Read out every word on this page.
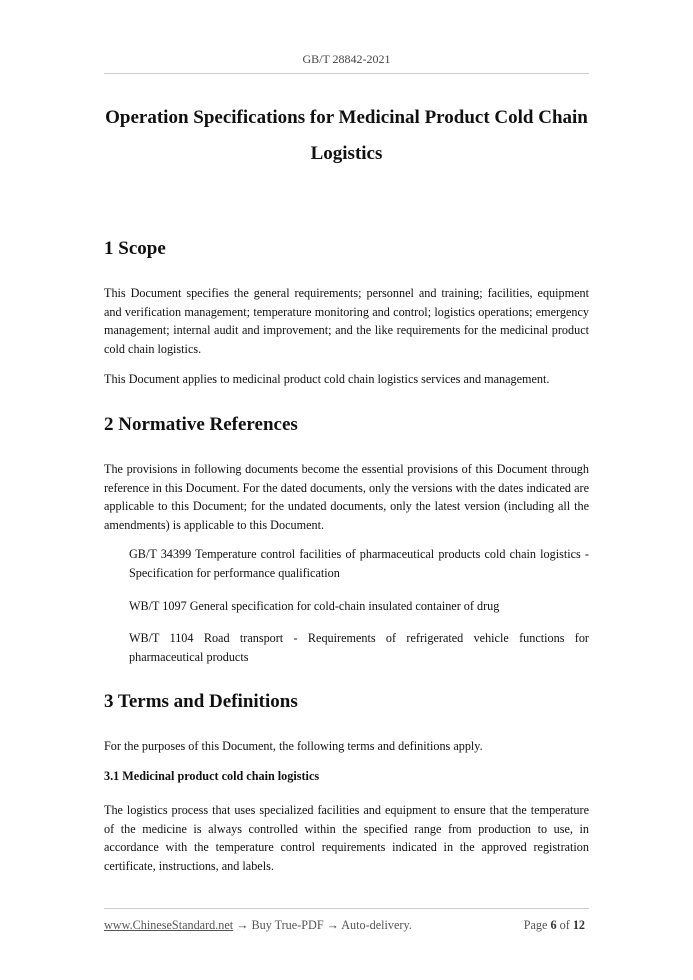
GB/T 28842-2021
Operation Specifications for Medicinal Product Cold Chain
Logistics
1 Scope

This Document specifies the general requirements; personnel and training; facilities, equipment and verification management; temperature monitoring and control; logistics operations; emergency management; internal audit and improvement; and the like requirements for the medicinal product cold chain logistics.

This Document applies to medicinal product cold chain logistics services and management.

2 Normative References

The provisions in following documents become the essential provisions of this Document through reference in this Document. For the dated documents, only the versions with the dates indicated are applicable to this Document; for the undated documents, only the latest version (including all the amendments) is applicable to this Document.

GB/T 34399 Temperature control facilities of pharmaceutical products cold chain logistics - Specification for performance qualification

WB/T 1097 General specification for cold-chain insulated container of drug

WB/T 1104 Road transport - Requirements of refrigerated vehicle functions for pharmaceutical products

3 Terms and Definitions

For the purposes of this Document, the following terms and definitions apply.

3.1 Medicinal product cold chain logistics

The logistics process that uses specialized facilities and equipment to ensure that the temperature of the medicine is always controlled within the specified range from production to use, in accordance with the temperature control requirements indicated in the approved registration certificate, instructions, and labels.

www.ChineseStandard.net → Buy True-PDF → Auto-delivery.	Page 6 of 12
